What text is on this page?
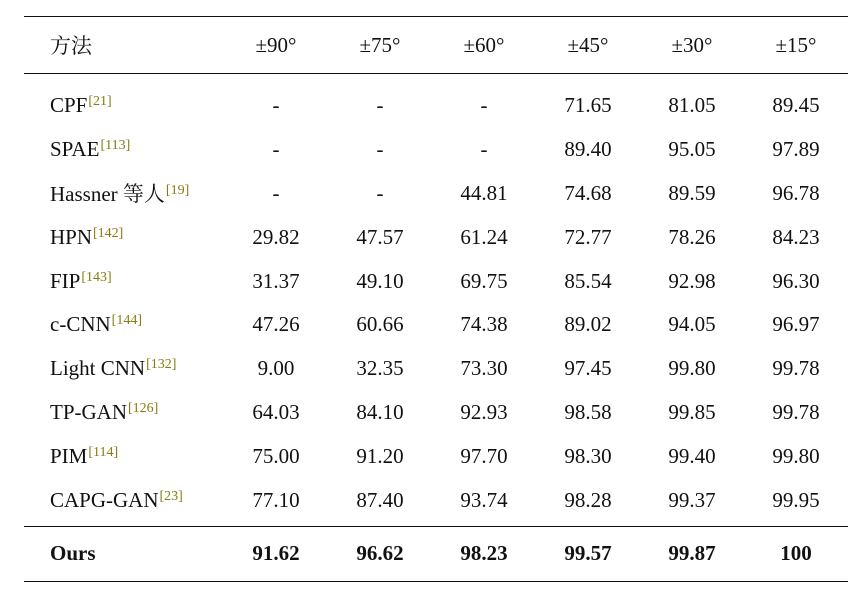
方法	±90°	±75°	±60°	±45°	±30°	±15°
CPF[21]	-	-	-	71.65	81.05	89.45
SPAE[113]	-	-	-	89.40	95.05	97.89
Hassner 等人[19]	-	-	44.81	74.68	89.59	96.78
HPN[142]	29.82	47.57	61.24	72.77	78.26	84.23
FIP[143]	31.37	49.10	69.75	85.54	92.98	96.30
c-CNN[144]	47.26	60.66	74.38	89.02	94.05	96.97
Light CNN[132]	9.00	32.35	73.30	97.45	99.80	99.78
TP-GAN[126]	64.03	84.10	92.93	98.58	99.85	99.78
PIM[114]	75.00	91.20	97.70	98.30	99.40	99.80
CAPG-GAN[23]	77.10	87.40	93.74	98.28	99.37	99.95
Ours	91.62	96.62	98.23	99.57	99.87	100
